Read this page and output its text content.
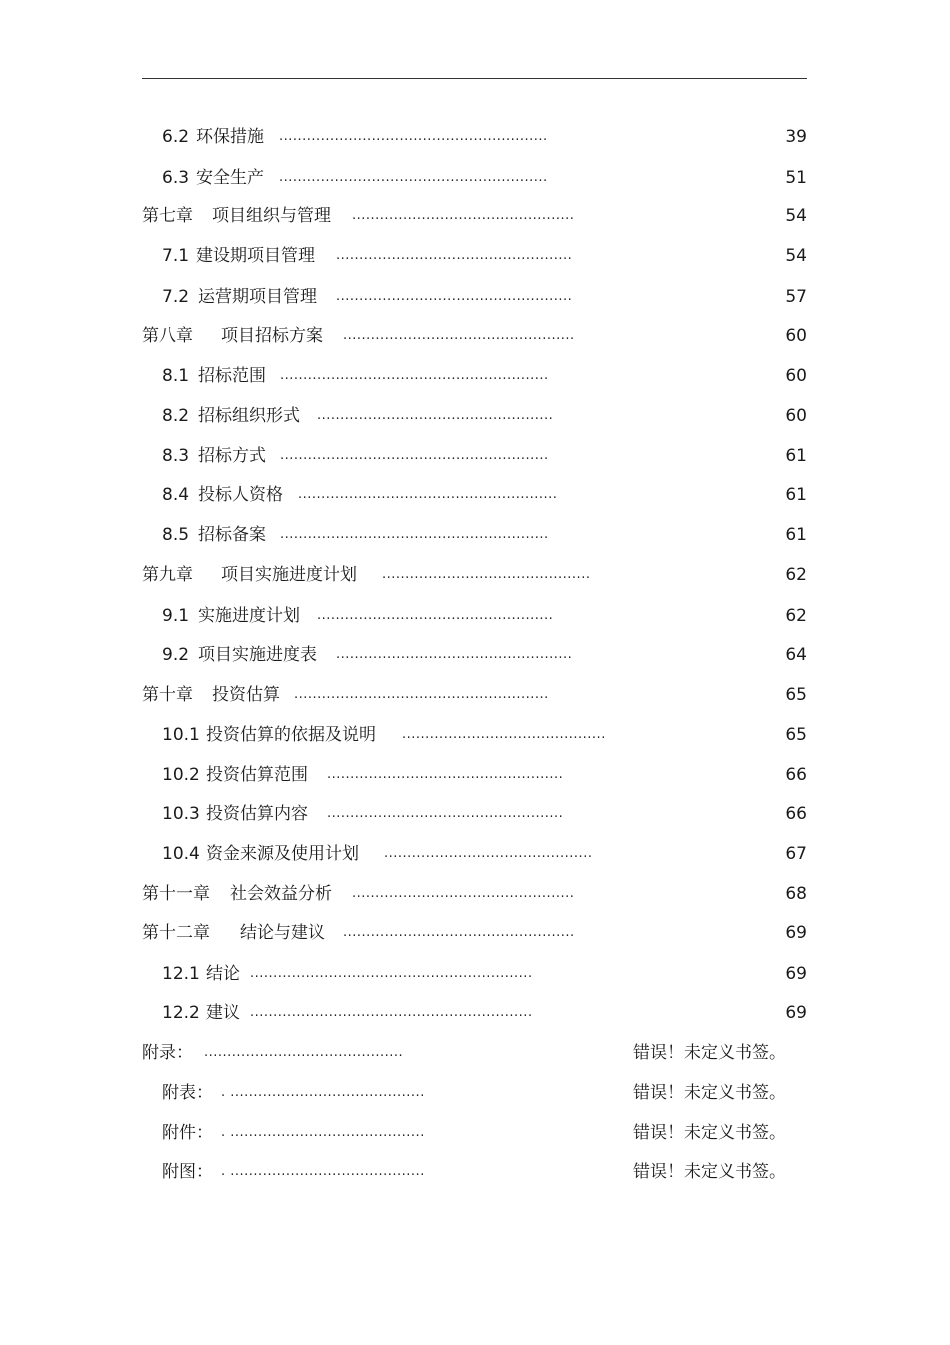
6.2 环保措施 ..........................................................	39
6.3 安全生产 ..........................................................	51
第七章 项目组织与管理 ................................................	54
7.1 建设期项目管理 ...................................................	54
7.2 运营期项目管理 ...................................................	57
第八章 项目招标方案 ..................................................	60
8.1 招标范围 ..........................................................	60
8.2 招标组织形式 ...................................................	60
8.3 招标方式 ..........................................................	61
8.4 投标人资格 ........................................................	61
8.5 招标备案 ..........................................................	61
第九章 项目实施进度计划 .............................................	62
9.1 实施进度计划 ...................................................	62
9.2 项目实施进度表 ...................................................	64
第十章 投资估算 .......................................................	65
10.1 投资估算的依据及说明 ............................................	65
10.2 投资估算范围 ...................................................	66
10.3 投资估算内容 ...................................................	66
10.4 资金来源及使用计划 .............................................	67
第十一章 社会效益分析 ................................................	68
第十二章 结论与建议 ..................................................	69
12.1 结论 .............................................................	69
12.2 建议 .............................................................	69
附录： ...........................................	错误！未定义书签。
附表： . ..........................................	错误！未定义书签。
附件： . ..........................................	错误！未定义书签。
附图： . ..........................................	错误！未定义书签。
